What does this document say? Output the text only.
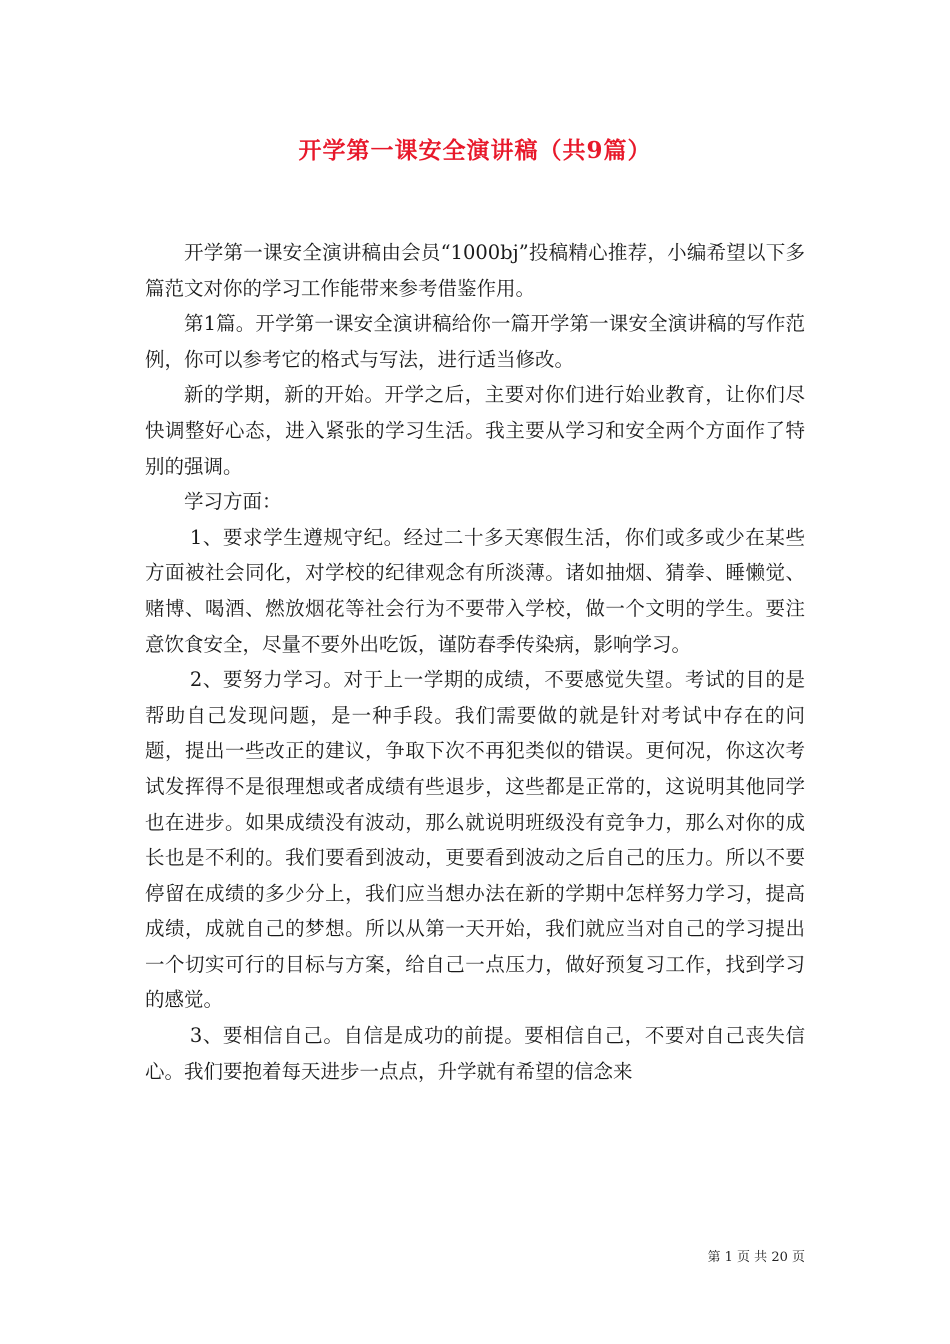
开学第一课安全演讲稿（共9篇）

开学第一课安全演讲稿由会员“1000bj”投稿精心推荐，小编希望以下多篇范文对你的学习工作能带来参考借鉴作用。

第1篇。开学第一课安全演讲稿给你一篇开学第一课安全演讲稿的写作范例，你可以参考它的格式与写法，进行适当修改。

新的学期，新的开始。开学之后，主要对你们进行始业教育，让你们尽快调整好心态，进入紧张的学习生活。我主要从学习和安全两个方面作了特别的强调。

学习方面：

1、要求学生遵规守纪。经过二十多天寒假生活，你们或多或少在某些方面被社会同化，对学校的纪律观念有所淡薄。诸如抽烟、猜拳、睡懒觉、赌博、喝酒、燃放烟花等社会行为不要带入学校，做一个文明的学生。要注意饮食安全，尽量不要外出吃饭，谨防春季传染病，影响学习。

2、要努力学习。对于上一学期的成绩，不要感觉失望。考试的目的是帮助自己发现问题，是一种手段。我们需要做的就是针对考试中存在的问题，提出一些改正的建议，争取下次不再犯类似的错误。更何况，你这次考试发挥得不是很理想或者成绩有些退步，这些都是正常的，这说明其他同学也在进步。如果成绩没有波动，那么就说明班级没有竞争力，那么对你的成长也是不利的。我们要看到波动，更要看到波动之后自己的压力。所以不要停留在成绩的多少分上，我们应当想办法在新的学期中怎样努力学习，提高成绩，成就自己的梦想。所以从第一天开始，我们就应当对自己的学习提出一个切实可行的目标与方案，给自己一点压力，做好预复习工作，找到学习的感觉。

3、要相信自己。自信是成功的前提。要相信自己，不要对自己丧失信心。我们要抱着每天进步一点点，升学就有希望的信念来

第 1 页 共 20 页
